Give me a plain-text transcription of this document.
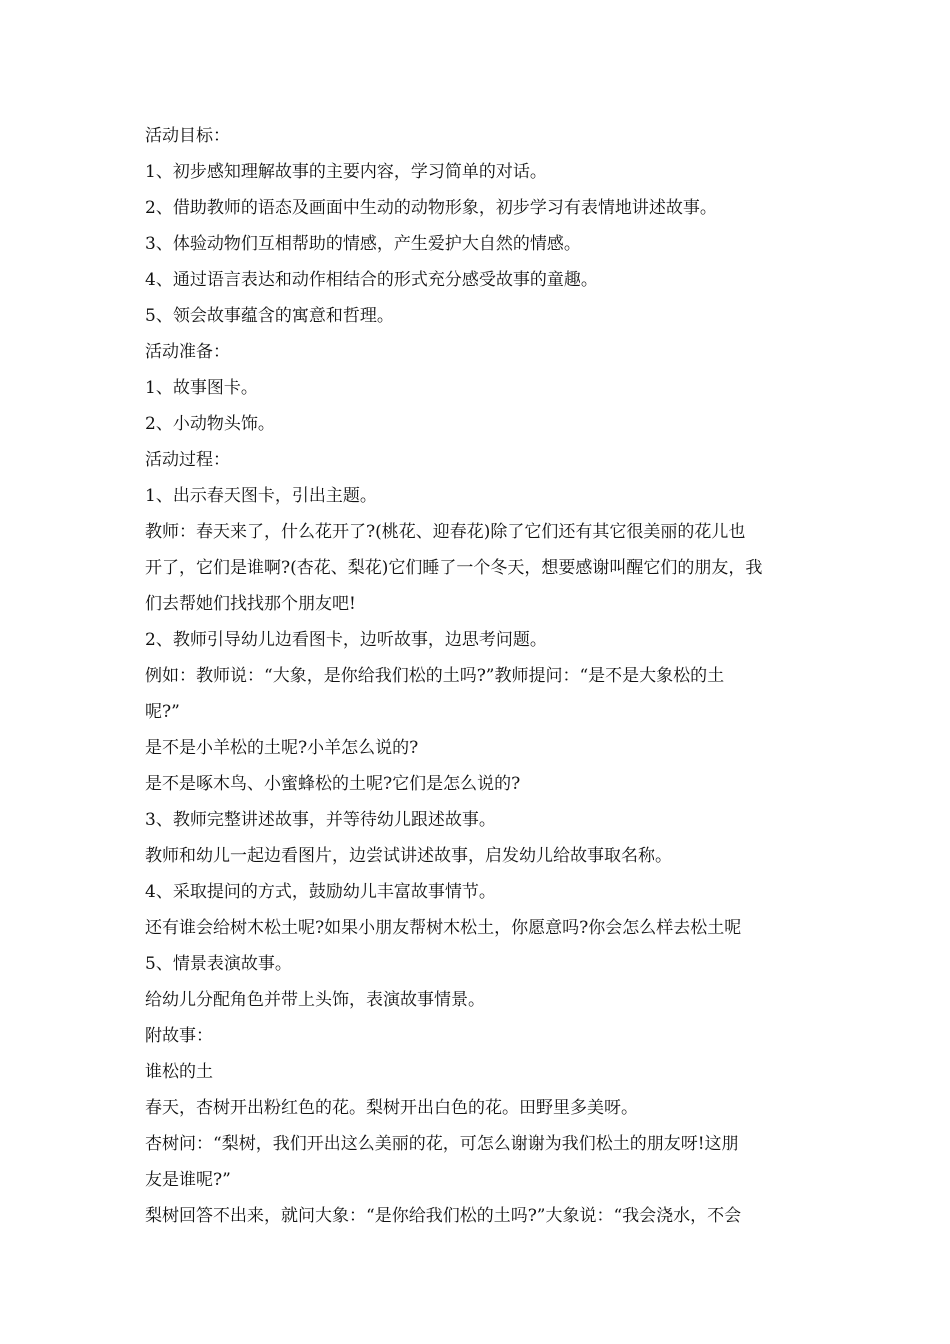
活动目标：
1、初步感知理解故事的主要内容，学习简单的对话。
2、借助教师的语态及画面中生动的动物形象，初步学习有表情地讲述故事。
3、体验动物们互相帮助的情感，产生爱护大自然的情感。
4、通过语言表达和动作相结合的形式充分感受故事的童趣。
5、领会故事蕴含的寓意和哲理。
活动准备：
1、故事图卡。
2、小动物头饰。
活动过程：
1、出示春天图卡，引出主题。
教师：春天来了，什么花开了?(桃花、迎春花)除了它们还有其它很美丽的花儿也
开了，它们是谁啊?(杏花、梨花)它们睡了一个冬天，想要感谢叫醒它们的朋友，我
们去帮她们找找那个朋友吧!
2、教师引导幼儿边看图卡，边听故事，边思考问题。
例如：教师说：“大象，是你给我们松的土吗?”教师提问：“是不是大象松的土
呢?”
是不是小羊松的土呢?小羊怎么说的?
是不是啄木鸟、小蜜蜂松的土呢?它们是怎么说的?
3、教师完整讲述故事，并等待幼儿跟述故事。
教师和幼儿一起边看图片，边尝试讲述故事，启发幼儿给故事取名称。
4、采取提问的方式，鼓励幼儿丰富故事情节。
还有谁会给树木松土呢?如果小朋友帮树木松土，你愿意吗?你会怎么样去松土呢
5、情景表演故事。
给幼儿分配角色并带上头饰，表演故事情景。
附故事：
谁松的土
春天，杏树开出粉红色的花。梨树开出白色的花。田野里多美呀。
杏树问：“梨树，我们开出这么美丽的花，可怎么谢谢为我们松土的朋友呀!这朋
友是谁呢?”
梨树回答不出来，就问大象：“是你给我们松的土吗?”大象说：“我会浇水，不会
